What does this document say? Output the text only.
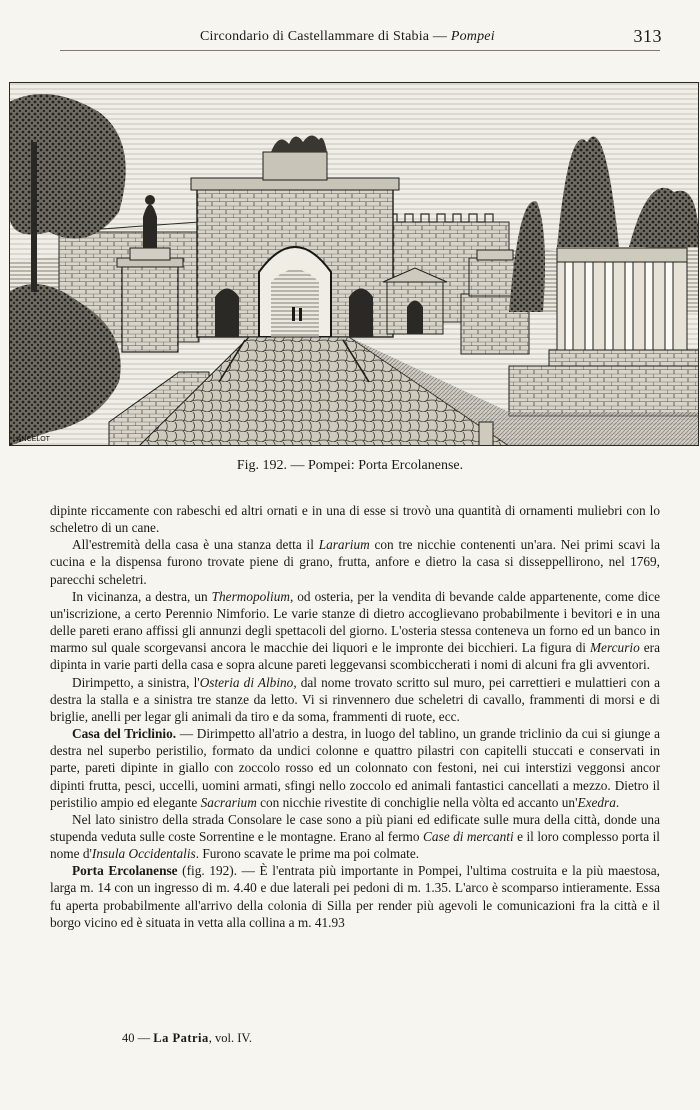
Circondario di Castellammare di Stabia — Pompei	313
LANCELOT
Fig. 192. — Pompei: Porta Ercolanense.

dipinte riccamente con rabeschi ed altri ornati e in una di esse si trovò una quantità di ornamenti muliebri con lo scheletro di un cane.

All'estremità della casa è una stanza detta il Lararium con tre nicchie contenenti un'ara. Nei primi scavi la cucina e la dispensa furono trovate piene di grano, frutta, anfore e dietro la casa si disseppellirono, nel 1769, parecchi scheletri.

In vicinanza, a destra, un Thermopolium, od osteria, per la vendita di bevande calde appartenente, come dice un'iscrizione, a certo Perennio Nimforio. Le varie stanze di dietro accoglievano probabilmente i bevitori e in una delle pareti erano affissi gli annunzi degli spettacoli del giorno. L'osteria stessa conteneva un forno ed un banco in marmo sul quale scorgevansi ancora le macchie dei liquori e le impronte dei bicchieri. La figura di Mercurio era dipinta in varie parti della casa e sopra alcune pareti leggevansi scombiccherati i nomi di alcuni fra gli avventori.

Dirimpetto, a sinistra, l'Osteria di Albino, dal nome trovato scritto sul muro, pei carrettieri e mulattieri con a destra la stalla e a sinistra tre stanze da letto. Vi si rinvennero due scheletri di cavallo, frammenti di morsi e di briglie, anelli per legar gli animali da tiro e da soma, frammenti di ruote, ecc.

Casa del Triclinio. — Dirimpetto all'atrio a destra, in luogo del tablino, un grande triclinio da cui si giunge a destra nel superbo peristilio, formato da undici colonne e quattro pilastri con capitelli stuccati e conservati in parte, pareti dipinte in giallo con zoccolo rosso ed un colonnato con festoni, nei cui interstizi veggonsi ancor dipinti frutta, pesci, uccelli, uomini armati, sfingi nello zoccolo ed animali fantastici cancellati a mezzo. Dietro il peristilio ampio ed elegante Sacrarium con nicchie rivestite di conchiglie nella vòlta ed accanto un'Exedra.

Nel lato sinistro della strada Consolare le case sono a più piani ed edificate sulle mura della città, donde una stupenda veduta sulle coste Sorrentine e le montagne. Erano al fermo Case di mercanti e il loro complesso porta il nome d'Insula Occidentalis. Furono scavate le prime ma poi colmate.

Porta Ercolanense (fig. 192). — È l'entrata più importante in Pompei, l'ultima costruita e la più maestosa, larga m. 14 con un ingresso di m. 4.40 e due laterali pei pedoni di m. 1.35. L'arco è scomparso intieramente. Essa fu aperta probabilmente all'arrivo della colonia di Silla per render più agevoli le comunicazioni fra la città e il borgo vicino ed è situata in vetta alla collina a m. 41.93

40 — La Patria, vol. IV.
